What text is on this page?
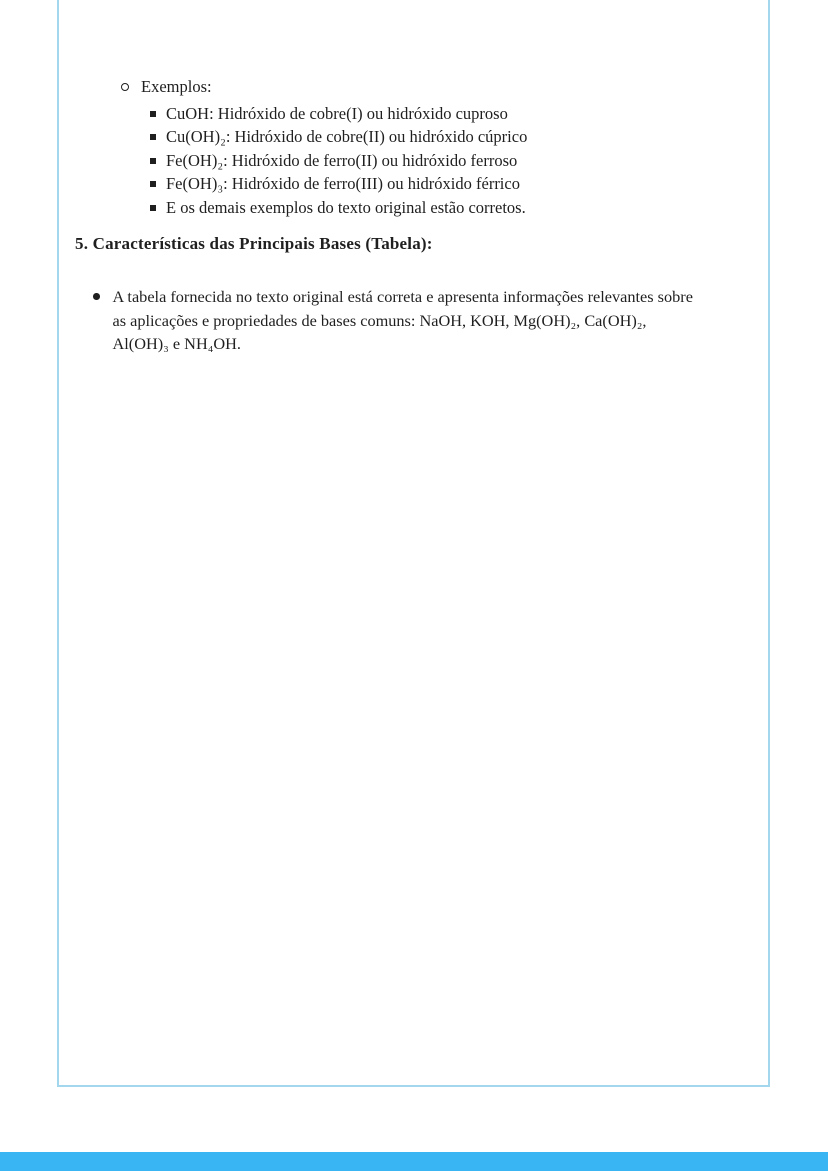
Exemplos:
CuOH: Hidróxido de cobre(I) ou hidróxido cuproso
Cu(OH)₂: Hidróxido de cobre(II) ou hidróxido cúprico
Fe(OH)₂: Hidróxido de ferro(II) ou hidróxido ferroso
Fe(OH)₃: Hidróxido de ferro(III) ou hidróxido férrico
E os demais exemplos do texto original estão corretos.
5. Características das Principais Bases (Tabela):
A tabela fornecida no texto original está correta e apresenta informações relevantes sobre
as aplicações e propriedades de bases comuns: NaOH, KOH, Mg(OH)₂, Ca(OH)₂,
Al(OH)₃ e NH₄OH.
